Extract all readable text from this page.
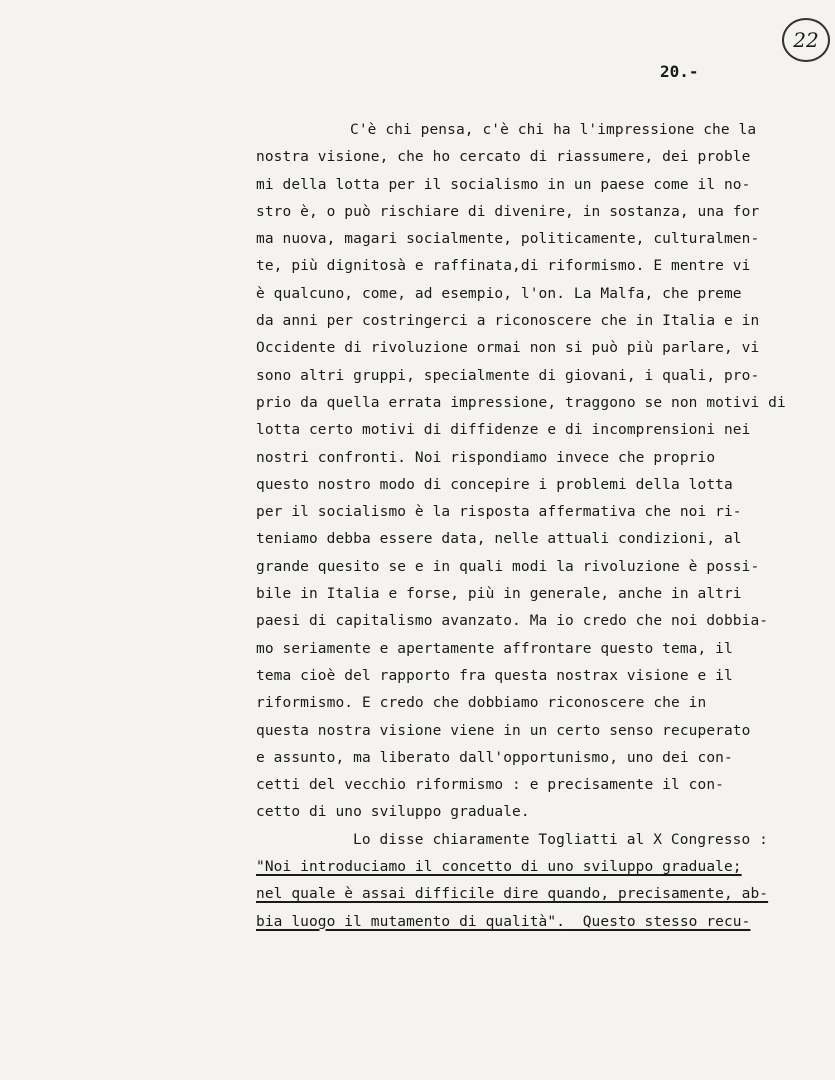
22
20.-
C'è chi pensa, c'è chi ha l'impressione che la
nostra visione, che ho cercato di riassumere, dei proble
mi della lotta per il socialismo in un paese come il no-
stro è, o può rischiare di divenire, in sostanza, una for
ma nuova, magari socialmente, politicamente, culturalmen-
te, più dignitosà e raffinata,di riformismo. E mentre vi
è qualcuno, come, ad esempio, l'on. La Malfa, che preme
da anni per costringerci a riconoscere che in Italia e in
Occidente di rivoluzione ormai non si può più parlare, vi
sono altri gruppi, specialmente di giovani, i quali, pro-
prio da quella errata impressione, traggono se non motivi di
lotta certo motivi di diffidenze e di incomprensioni nei
nostri confronti. Noi rispondiamo invece che proprio
questo nostro modo di concepire i problemi della lotta
per il socialismo è la risposta affermativa che noi ri-
teniamo debba essere data, nelle attuali condizioni, al
grande quesito se e in quali modi la rivoluzione è possi-
bile in Italia e forse, più in generale, anche in altri
paesi di capitalismo avanzato. Ma io credo che noi dobbia-
mo seriamente e apertamente affrontare questo tema, il
tema cioè del rapporto fra questa nostrax visione e il
riformismo. E credo che dobbiamo riconoscere che in
questa nostra visione viene in un certo senso recuperato
e assunto, ma liberato dall'opportunismo, uno dei con-
cetti del vecchio riformismo : e precisamente il con-
cetto di uno sviluppo graduale.
Lo disse chiaramente Togliatti al X Congresso :
"Noi introduciamo il concetto di uno sviluppo graduale;
nel quale è assai difficile dire quando, precisamente, ab-
bia luogo il mutamento di qualità".  Questo stesso recu-
